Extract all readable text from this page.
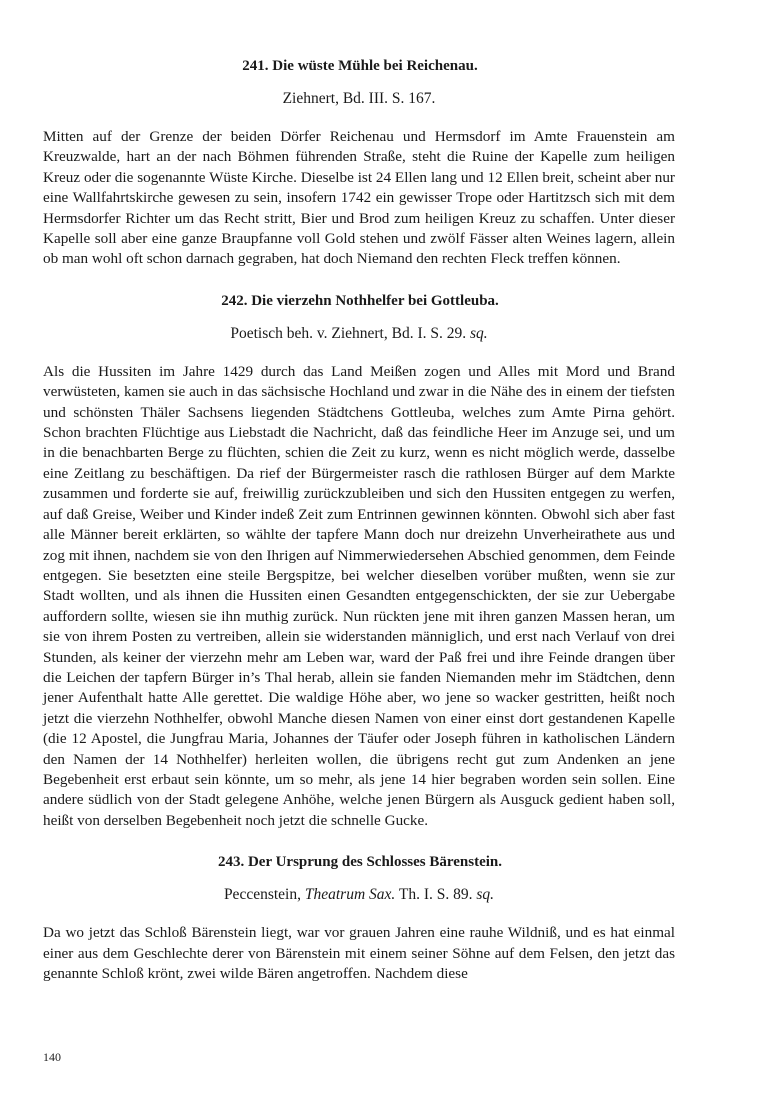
241. Die wüste Mühle bei Reichenau.
Ziehnert, Bd. III. S. 167.

Mitten auf der Grenze der beiden Dörfer Reichenau und Hermsdorf im Amte Frauenstein am Kreuzwalde, hart an der nach Böhmen führenden Straße, steht die Ruine der Kapelle zum heiligen Kreuz oder die sogenannte Wüste Kirche. Dieselbe ist 24 Ellen lang und 12 Ellen breit, scheint aber nur eine Wallfahrtskirche gewesen zu sein, insofern 1742 ein gewisser Trope oder Hartitzsch sich mit dem Hermsdorfer Richter um das Recht stritt, Bier und Brod zum heiligen Kreuz zu schaffen. Unter dieser Kapelle soll aber eine ganze Braupfanne voll Gold stehen und zwölf Fässer alten Weines lagern, allein ob man wohl oft schon darnach gegraben, hat doch Niemand den rechten Fleck treffen können.

242. Die vierzehn Nothhelfer bei Gottleuba.
Poetisch beh. v. Ziehnert, Bd. I. S. 29. sq.

Als die Hussiten im Jahre 1429 durch das Land Meißen zogen und Alles mit Mord und Brand verwüsteten, kamen sie auch in das sächsische Hochland und zwar in die Nähe des in einem der tiefsten und schönsten Thäler Sachsens liegenden Städtchens Gottleuba, welches zum Amte Pirna gehört. Schon brachten Flüchtige aus Liebstadt die Nachricht, daß das feindliche Heer im Anzuge sei, und um in die benachbarten Berge zu flüchten, schien die Zeit zu kurz, wenn es nicht möglich werde, dasselbe eine Zeitlang zu beschäftigen. Da rief der Bürgermeister rasch die rathlosen Bürger auf dem Markte zusammen und forderte sie auf, freiwillig zurückzubleiben und sich den Hussiten entgegen zu werfen, auf daß Greise, Weiber und Kinder indeß Zeit zum Entrinnen gewinnen könnten. Obwohl sich aber fast alle Männer bereit erklärten, so wählte der tapfere Mann doch nur dreizehn Unverheirathete aus und zog mit ihnen, nachdem sie von den Ihrigen auf Nimmerwiedersehen Abschied genommen, dem Feinde entgegen. Sie besetzten eine steile Bergspitze, bei welcher dieselben vorüber mußten, wenn sie zur Stadt wollten, und als ihnen die Hussiten einen Gesandten entgegenschickten, der sie zur Uebergabe auffordern sollte, wiesen sie ihn muthig zurück. Nun rückten jene mit ihren ganzen Massen heran, um sie von ihrem Posten zu vertreiben, allein sie widerstanden männiglich, und erst nach Verlauf von drei Stunden, als keiner der vierzehn mehr am Leben war, ward der Paß frei und ihre Feinde drangen über die Leichen der tapfern Bürger in’s Thal herab, allein sie fanden Niemanden mehr im Städtchen, denn jener Aufenthalt hatte Alle gerettet. Die waldige Höhe aber, wo jene so wacker gestritten, heißt noch jetzt die vierzehn Nothhelfer, obwohl Manche diesen Namen von einer einst dort gestandenen Kapelle (die 12 Apostel, die Jungfrau Maria, Johannes der Täufer oder Joseph führen in katholischen Ländern den Namen der 14 Nothhelfer) herleiten wollen, die übrigens recht gut zum Andenken an jene Begebenheit erst erbaut sein könnte, um so mehr, als jene 14 hier begraben worden sein sollen. Eine andere südlich von der Stadt gelegene Anhöhe, welche jenen Bürgern als Ausguck gedient haben soll, heißt von derselben Begebenheit noch jetzt die schnelle Gucke.

243. Der Ursprung des Schlosses Bärenstein.
Peccenstein, Theatrum Sax. Th. I. S. 89. sq.

Da wo jetzt das Schloß Bärenstein liegt, war vor grauen Jahren eine rauhe Wildniß, und es hat einmal einer aus dem Geschlechte derer von Bärenstein mit einem seiner Söhne auf dem Felsen, den jetzt das genannte Schloß krönt, zwei wilde Bären angetroffen. Nachdem diese

140
